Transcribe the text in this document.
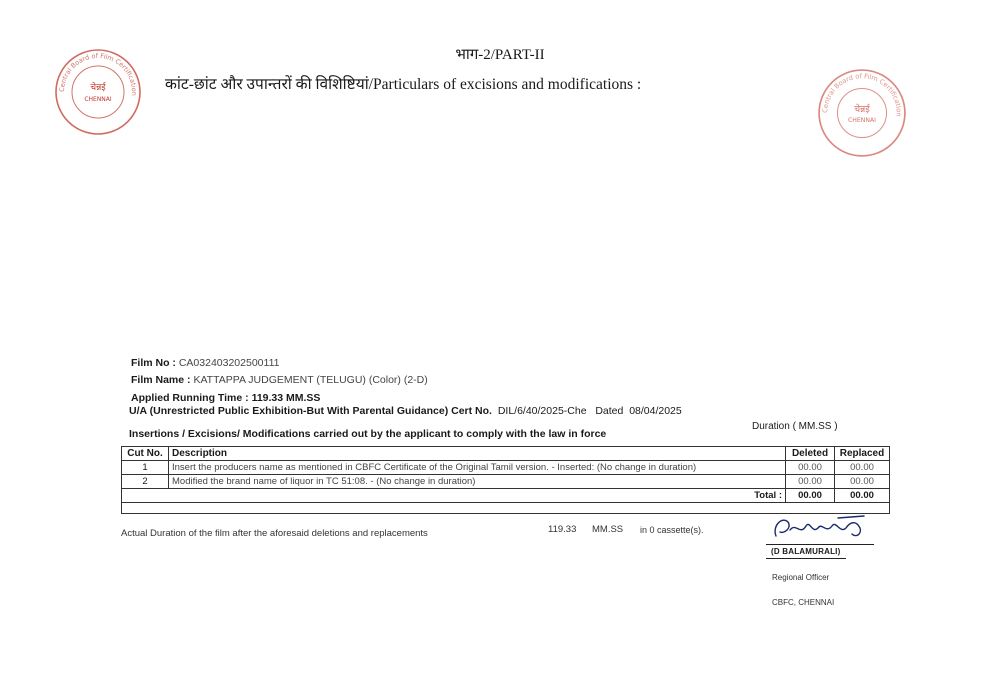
भाग-2/PART-II
कांट-छांट और उपान्तरों की विशिष्टियां/Particulars of excisions and modifications :
Central Board of Film Certification
चेन्नई
CHENNAI
Central Board of Film Certification
चेन्नई
CHENNAI
Film No : CA032403202500111
Film Name : KATTAPPA JUDGEMENT (TELUGU) (Color) (2-D)
Applied Running Time : 119.33 MM.SS
U/A (Unrestricted Public Exhibition-But With Parental Guidance) Cert No. DIL/6/40/2025-Che Dated 08/04/2025
Insertions / Excisions/ Modifications carried out by the applicant to comply with the law in force
Duration ( MM.SS )
Cut No.	Description	Deleted	Replaced
1	Insert the producers name as mentioned in CBFC Certificate of the Original Tamil version. - Inserted: (No change in duration)	00.00	00.00
2	Modified the brand name of liquor in TC 51:08. - (No change in duration)	00.00	00.00
Total :		00.00	00.00

Actual Duration of the film after the aforesaid deletions and replacements	119.33 MM.SS in 0 cassette(s).
(D BALAMURALI)
Regional Officer
CBFC, CHENNAI
